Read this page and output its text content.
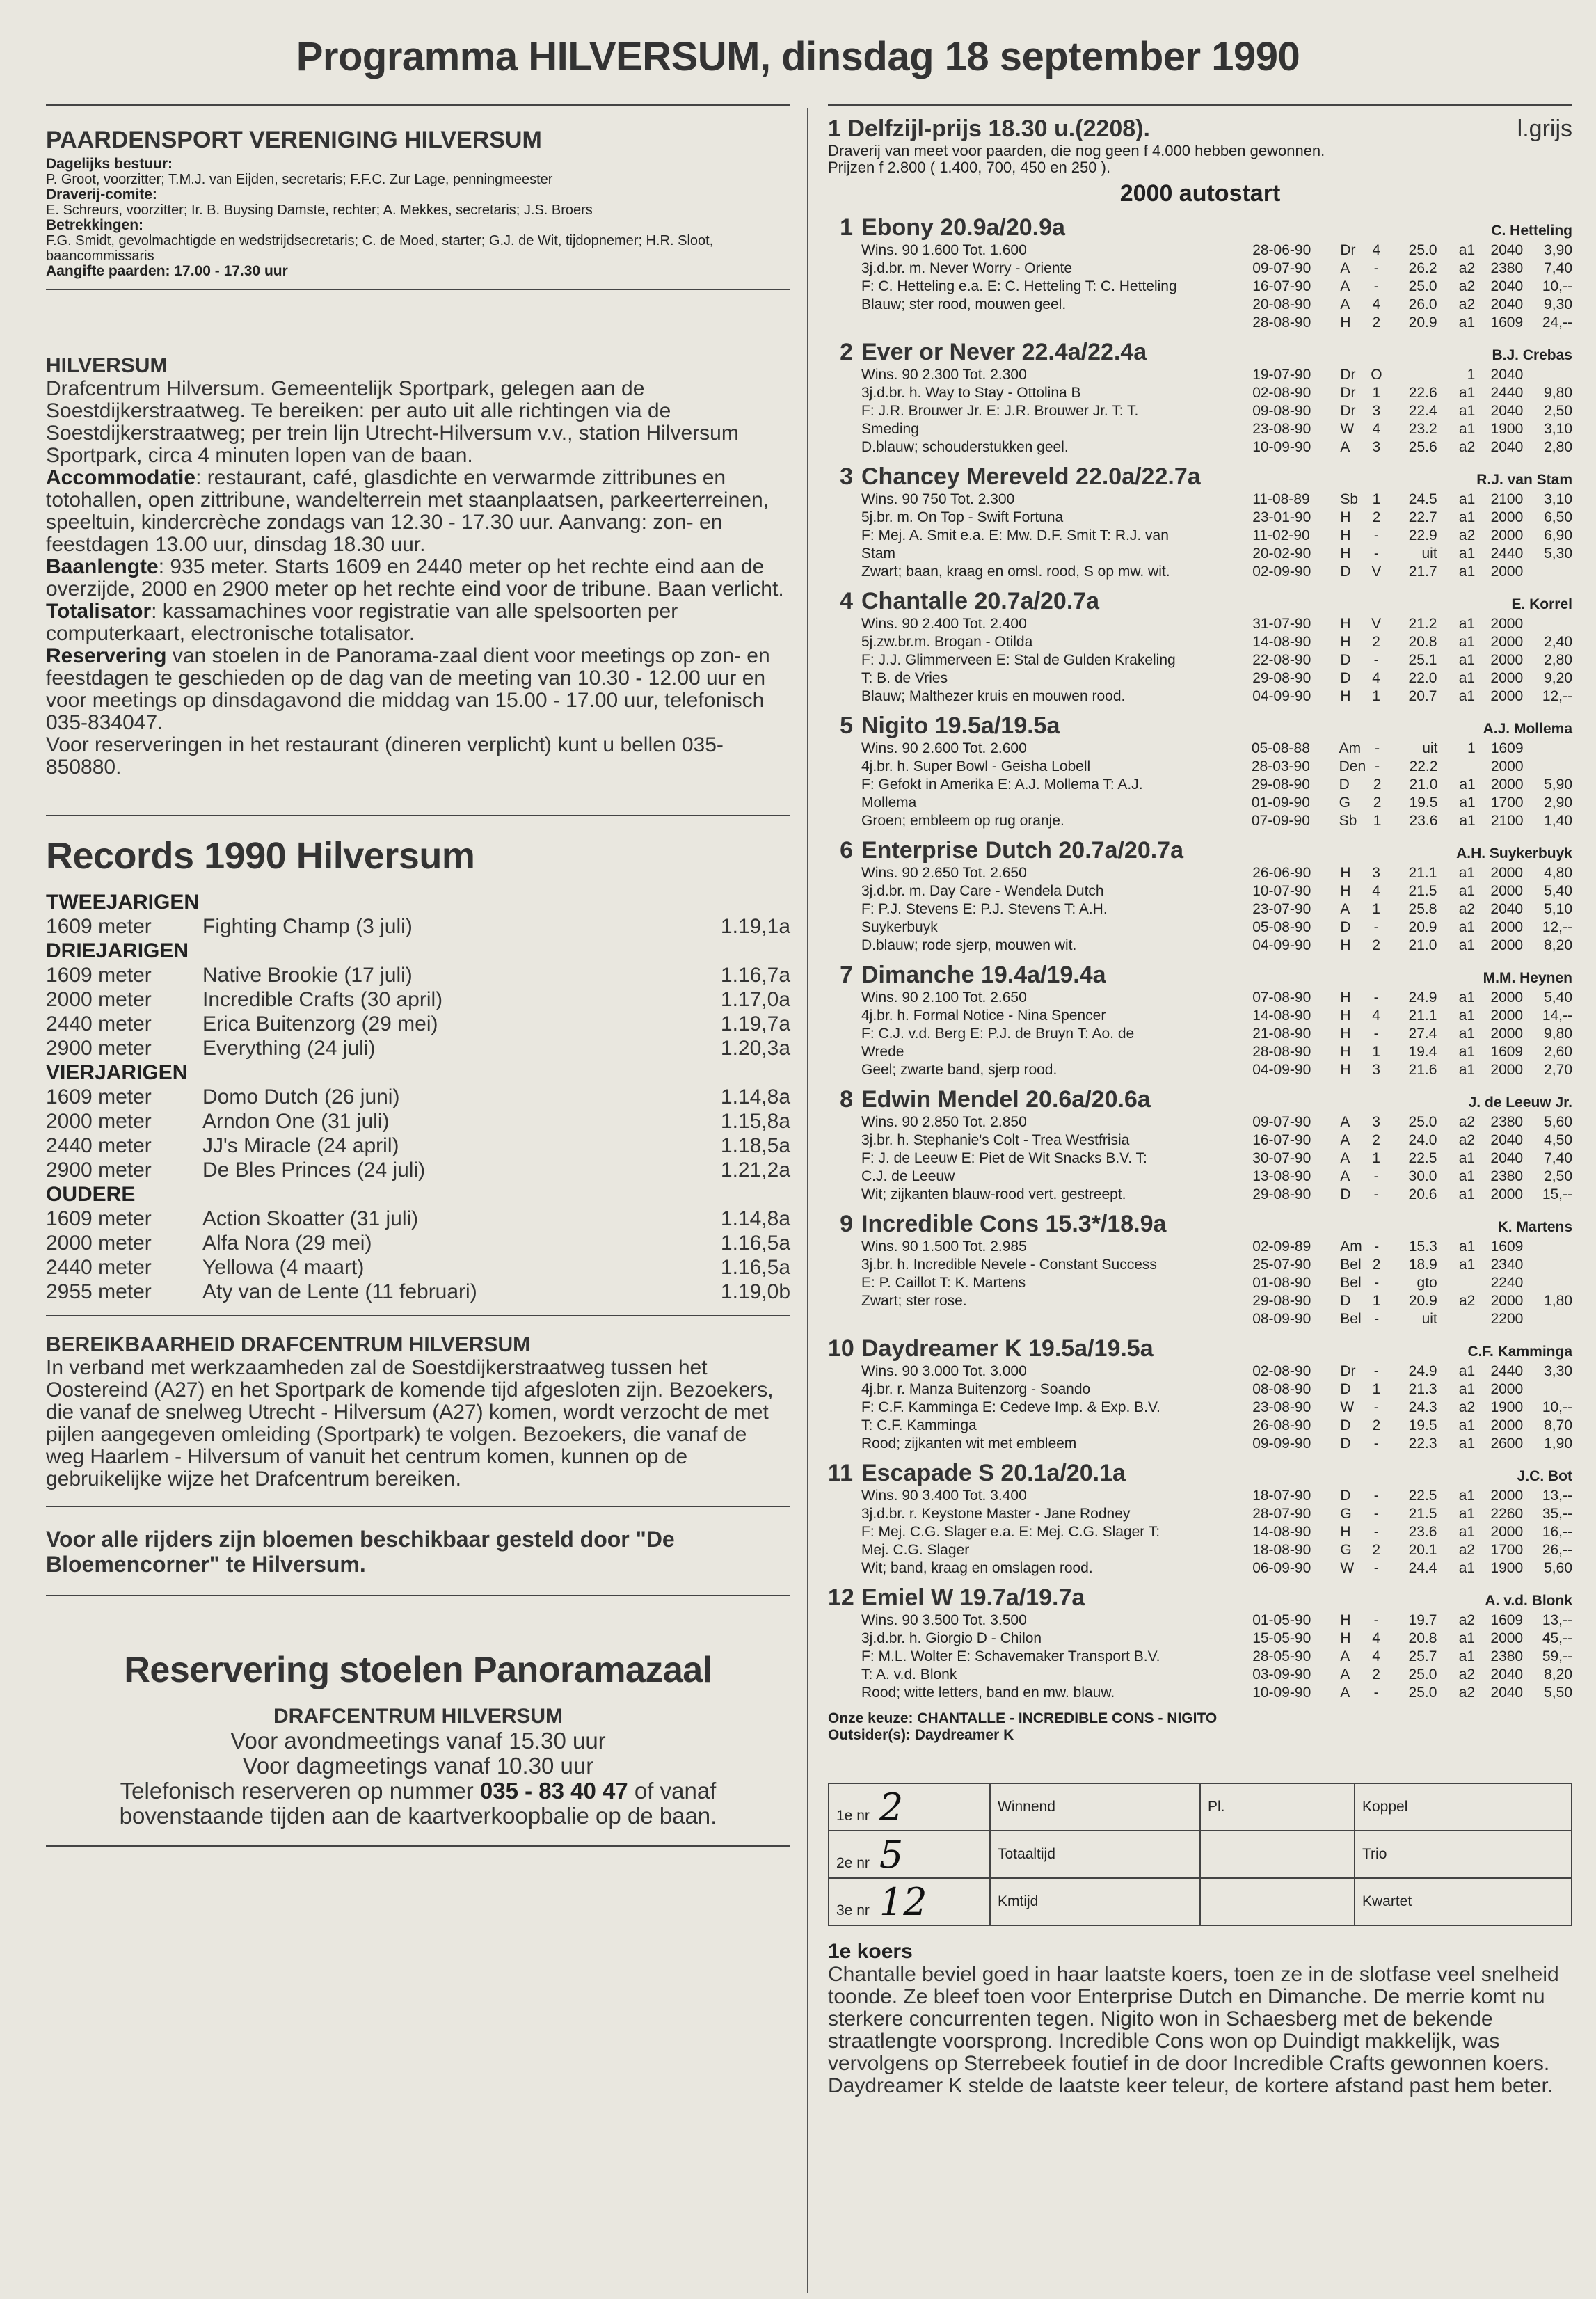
Programma HILVERSUM, dinsdag 18 september 1990
PAARDENSPORT VERENIGING HILVERSUM
Dagelijks bestuur:
P. Groot, voorzitter; T.M.J. van Eijden, secretaris; F.F.C. Zur Lage, penningmeester
Draverij-comite:
E. Schreurs, voorzitter; Ir. B. Buysing Damste, rechter; A. Mekkes, secretaris; J.S. Broers
Betrekkingen:
F.G. Smidt, gevolmachtigde en wedstrijdsecretaris; C. de Moed, starter; G.J. de Wit, tijdopnemer; H.R. Sloot, baancommissaris
Aangifte paarden: 17.00 - 17.30 uur
HILVERSUM
Drafcentrum Hilversum. Gemeentelijk Sportpark, gelegen aan de Soestdijkerstraatweg. Te bereiken: per auto uit alle richtingen via de Soestdijkerstraatweg; per trein lijn Utrecht-Hilversum v.v., station Hilversum Sportpark, circa 4 minuten lopen van de baan.
Accommodatie: restaurant, café, glasdichte en verwarmde zittribunes en totohallen, open zittribune, wandelterrein met staanplaatsen, parkeerterreinen, speeltuin, kindercrèche zondags van 12.30 - 17.30 uur. Aanvang: zon- en feestdagen 13.00 uur, dinsdag 18.30 uur.
Baanlengte: 935 meter. Starts 1609 en 2440 meter op het rechte eind aan de overzijde, 2000 en 2900 meter op het rechte eind voor de tribune. Baan verlicht.
Totalisator: kassamachines voor registratie van alle spelsoorten per computerkaart, electronische totalisator.
Reservering van stoelen in de Panorama-zaal dient voor meetings op zon- en feestdagen te geschieden op de dag van de meeting van 10.30 - 12.00 uur en voor meetings op dinsdagavond die middag van 15.00 - 17.00 uur, telefonisch 035-834047.
Voor reserveringen in het restaurant (dineren verplicht) kunt u bellen 035-850880.
Records 1990 Hilversum
TWEEJARIGEN
1609 meter	Fighting Champ (3 juli)	1.19,1a
DRIEJARIGEN
1609 meter	Native Brookie (17 juli)	1.16,7a
2000 meter	Incredible Crafts (30 april)	1.17,0a
2440 meter	Erica Buitenzorg (29 mei)	1.19,7a
2900 meter	Everything (24 juli)	1.20,3a
VIERJARIGEN
1609 meter	Domo Dutch (26 juni)	1.14,8a
2000 meter	Arndon One (31 juli)	1.15,8a
2440 meter	JJ's Miracle (24 april)	1.18,5a
2900 meter	De Bles Princes (24 juli)	1.21,2a
OUDERE
1609 meter	Action Skoatter (31 juli)	1.14,8a
2000 meter	Alfa Nora (29 mei)	1.16,5a
2440 meter	Yellowa (4 maart)	1.16,5a
2955 meter	Aty van de Lente (11 februari)	1.19,0b
BEREIKBAARHEID DRAFCENTRUM HILVERSUM
In verband met werkzaamheden zal de Soestdijkerstraatweg tussen het Oostereind (A27) en het Sportpark de komende tijd afgesloten zijn. Bezoekers, die vanaf de snelweg Utrecht - Hilversum (A27) komen, wordt verzocht de met pijlen aangegeven omleiding (Sportpark) te volgen. Bezoekers, die vanaf de weg Haarlem - Hilversum of vanuit het centrum komen, kunnen op de gebruikelijke wijze het Drafcentrum bereiken.
Voor alle rijders zijn bloemen beschikbaar gesteld door "De Bloemencorner" te Hilversum.
Reservering stoelen Panoramazaal
DRAFCENTRUM HILVERSUM
Voor avondmeetings vanaf 15.30 uur
Voor dagmeetings vanaf 10.30 uur
Telefonisch reserveren op nummer 035 - 83 40 47 of vanaf bovenstaande tijden aan de kaartverkoopbalie op de baan.
1 Delfzijl-prijs 18.30 u.(2208).	l.grijs
Draverij van meet voor paarden, die nog geen f 4.000 hebben gewonnen.
Prijzen f 2.800 ( 1.400, 700, 450 en 250 ).
2000 autostart
1 Ebony 20.9a/20.9a	C. Hetteling
Wins. 90 1.600 Tot. 1.600
3j.d.br. m. Never Worry - Oriente
F: C. Hetteling e.a. E: C. Hetteling T: C. Hetteling
Blauw; ster rood, mouwen geel.
28-06-90	Dr	4	25.0	a1	2040	3,90
09-07-90	A	-	26.2	a2	2380	7,40
16-07-90	A	-	25.0	a2	2040	10,--
20-08-90	A	4	26.0	a2	2040	9,30
28-08-90	H	2	20.9	a1	1609	24,--
2 Ever or Never 22.4a/22.4a	B.J. Crebas
Wins. 90 2.300 Tot. 2.300
3j.d.br. h. Way to Stay - Ottolina B
F: J.R. Brouwer Jr. E: J.R. Brouwer Jr. T: T.
Smeding
D.blauw; schouderstukken geel.
19-07-90	Dr	O		1	2040	
02-08-90	Dr	1	22.6	a1	2440	9,80
09-08-90	Dr	3	22.4	a1	2040	2,50
23-08-90	W	4	23.2	a1	1900	3,10
10-09-90	A	3	25.6	a2	2040	2,80
3 Chancey Mereveld 22.0a/22.7a	R.J. van Stam
Wins. 90 750 Tot. 2.300
5j.br. m. On Top - Swift Fortuna
F: Mej. A. Smit e.a. E: Mw. D.F. Smit T: R.J. van
Stam
Zwart; baan, kraag en omsl. rood, S op mw. wit.
11-08-89	Sb	1	24.5	a1	2100	3,10
23-01-90	H	2	22.7	a1	2000	6,50
11-02-90	H	-	22.9	a2	2000	6,90
20-02-90	H	-	uit	a1	2440	5,30
02-09-90	D	V	21.7	a1	2000	
4 Chantalle 20.7a/20.7a	E. Korrel
Wins. 90 2.400 Tot. 2.400
5j.zw.br.m. Brogan - Otilda
F: J.J. Glimmerveen E: Stal de Gulden Krakeling
T: B. de Vries
Blauw; Malthezer kruis en mouwen rood.
31-07-90	H	V	21.2	a1	2000	
14-08-90	H	2	20.8	a1	2000	2,40
22-08-90	D	-	25.1	a1	2000	2,80
29-08-90	D	4	22.0	a1	2000	9,20
04-09-90	H	1	20.7	a1	2000	12,--
5 Nigito 19.5a/19.5a	A.J. Mollema
Wins. 90 2.600 Tot. 2.600
4j.br. h. Super Bowl - Geisha Lobell
F: Gefokt in Amerika E: A.J. Mollema T: A.J.
Mollema
Groen; embleem op rug oranje.
05-08-88	Am	-	uit	1	1609	
28-03-90	Den	-	22.2		2000	
29-08-90	D	2	21.0	a1	2000	5,90
01-09-90	G	2	19.5	a1	1700	2,90
07-09-90	Sb	1	23.6	a1	2100	1,40
6 Enterprise Dutch 20.7a/20.7a	A.H. Suykerbuyk
Wins. 90 2.650 Tot. 2.650
3j.d.br. m. Day Care - Wendela Dutch
F: P.J. Stevens E: P.J. Stevens T: A.H.
Suykerbuyk
D.blauw; rode sjerp, mouwen wit.
26-06-90	H	3	21.1	a1	2000	4,80
10-07-90	H	4	21.5	a1	2000	5,40
23-07-90	A	1	25.8	a2	2040	5,10
05-08-90	D	-	20.9	a1	2000	12,--
04-09-90	H	2	21.0	a1	2000	8,20
7 Dimanche 19.4a/19.4a	M.M. Heynen
Wins. 90 2.100 Tot. 2.650
4j.br. h. Formal Notice - Nina Spencer
F: C.J. v.d. Berg E: P.J. de Bruyn T: Ao. de
Wrede
Geel; zwarte band, sjerp rood.
07-08-90	H	-	24.9	a1	2000	5,40
14-08-90	H	4	21.1	a1	2000	14,--
21-08-90	H	-	27.4	a1	2000	9,80
28-08-90	H	1	19.4	a1	1609	2,60
04-09-90	H	3	21.6	a1	2000	2,70
8 Edwin Mendel 20.6a/20.6a	J. de Leeuw Jr.
Wins. 90 2.850 Tot. 2.850
3j.br. h. Stephanie's Colt - Trea Westfrisia
F: J. de Leeuw E: Piet de Wit Snacks B.V. T:
C.J. de Leeuw
Wit; zijkanten blauw-rood vert. gestreept.
09-07-90	A	3	25.0	a2	2380	5,60
16-07-90	A	2	24.0	a2	2040	4,50
30-07-90	A	1	22.5	a1	2040	7,40
13-08-90	A	-	30.0	a1	2380	2,50
29-08-90	D	-	20.6	a1	2000	15,--
9 Incredible Cons 15.3*/18.9a	K. Martens
Wins. 90 1.500 Tot. 2.985
3j.br. h. Incredible Nevele - Constant Success
E: P. Caillot T: K. Martens
Zwart; ster rose.
02-09-89	Am	-	15.3	a1	1609	
25-07-90	Bel	2	18.9	a1	2340	
01-08-90	Bel	-	gto		2240	
29-08-90	D	1	20.9	a2	2000	1,80
08-09-90	Bel	-	uit		2200	
10 Daydreamer K 19.5a/19.5a	C.F. Kamminga
Wins. 90 3.000 Tot. 3.000
4j.br. r. Manza Buitenzorg - Soando
F: C.F. Kamminga E: Cedeve Imp. & Exp. B.V.
T: C.F. Kamminga
Rood; zijkanten wit met embleem
02-08-90	Dr	-	24.9	a1	2440	3,30
08-08-90	D	1	21.3	a1	2000	
23-08-90	W	-	24.3	a2	1900	10,--
26-08-90	D	2	19.5	a1	2000	8,70
09-09-90	D	-	22.3	a1	2600	1,90
11 Escapade S 20.1a/20.1a	J.C. Bot
Wins. 90 3.400 Tot. 3.400
3j.d.br. r. Keystone Master - Jane Rodney
F: Mej. C.G. Slager e.a. E: Mej. C.G. Slager T:
Mej. C.G. Slager
Wit; band, kraag en omslagen rood.
18-07-90	D	-	22.5	a1	2000	13,--
28-07-90	G	-	21.5	a1	2260	35,--
14-08-90	H	-	23.6	a1	2000	16,--
18-08-90	G	2	20.1	a2	1700	26,--
06-09-90	W	-	24.4	a1	1900	5,60
12 Emiel W 19.7a/19.7a	A. v.d. Blonk
Wins. 90 3.500 Tot. 3.500
3j.d.br. h. Giorgio D - Chilon
F: M.L. Wolter E: Schavemaker Transport B.V.
T: A. v.d. Blonk
Rood; witte letters, band en mw. blauw.
01-05-90	H	-	19.7	a2	1609	13,--
15-05-90	H	4	20.8	a1	2000	45,--
28-05-90	A	4	25.7	a1	2380	59,--
03-09-90	A	2	25.0	a2	2040	8,20
10-09-90	A	-	25.0	a2	2040	5,50
Onze keuze: CHANTALLE - INCREDIBLE CONS - NIGITO
Outsider(s): Daydreamer K
1e nr 2	Winnend	Pl.	Koppel
2e nr 5	Totaaltijd		Trio
3e nr 12	Kmtijd		Kwartet
1e koers
Chantalle beviel goed in haar laatste koers, toen ze in de slotfase veel snelheid toonde. Ze bleef toen voor Enterprise Dutch en Dimanche. De merrie komt nu sterkere concurrenten tegen. Nigito won in Schaesberg met de bekende straatlengte voorsprong. Incredible Cons won op Duindigt makkelijk, was vervolgens op Sterrebeek foutief in de door Incredible Crafts gewonnen koers. Daydreamer K stelde de laatste keer teleur, de kortere afstand past hem beter.
